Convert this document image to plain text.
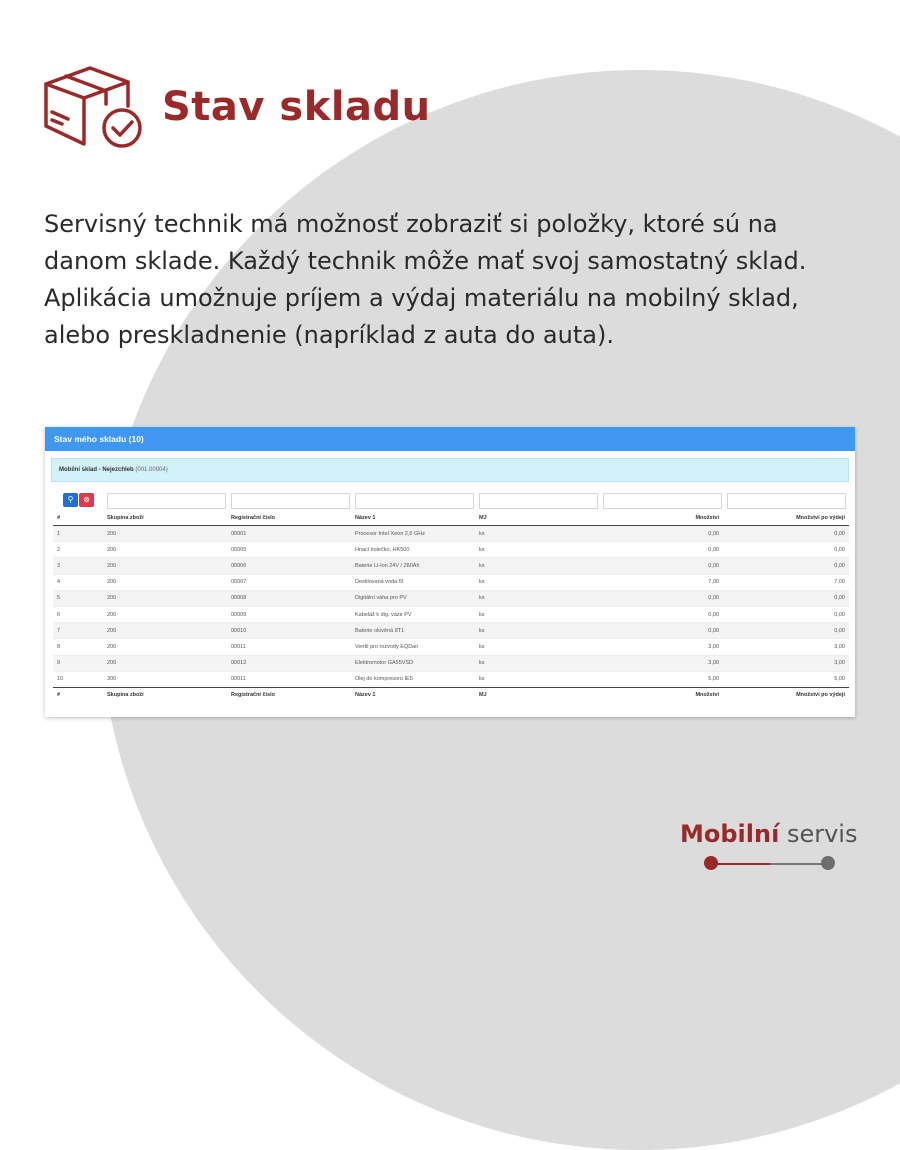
Stav skladu
Servisný technik má možnosť zobraziť si položky, ktoré sú na danom sklade. Každý technik môže mať svoj samostatný sklad. Aplikácia umožnuje príjem a výdaj materiálu na mobilný sklad, alebo preskladnenie (napríklad z auta do auta).
Stav mého skladu (10)
Mobilní sklad - Nejezchleb (001.00004)
⚲	⊗
#	Skupina zboží	Registrační číslo	Název 1	MJ	Množství	Množství po výdeji
1	200	00001	Procesor Intel Xeon 2,6 GHz	ks	0,00	0,00
2	200	00005	Hnací kolečko, HK500	ks	0,00	0,00
3	200	00006	Baterie Li-Ion 24V / 280Ah	ks	0,00	0,00
4	200	00007	Destilovaná voda 5l	ks	7,00	7,00
5	200	00008	Digitální váha pro PV	ks	0,00	0,00
6	200	00009	Kabeláž k dig. váze PV	ks	0,00	0,00
7	200	00010	Baterie olověná 8T1	ks	0,00	0,00
8	200	00011	Ventil pro rozvody EQDair	ks	3,00	3,00
9	200	00012	Elektromotor GA55VSD	ks	3,00	3,00
10	300	00011	Olej do kompresoru IE5	ks	5,00	5,00
#	Skupina zboží	Registrační číslo	Název 1	MJ	Množství	Množství po výdeji
Mobilní servis
